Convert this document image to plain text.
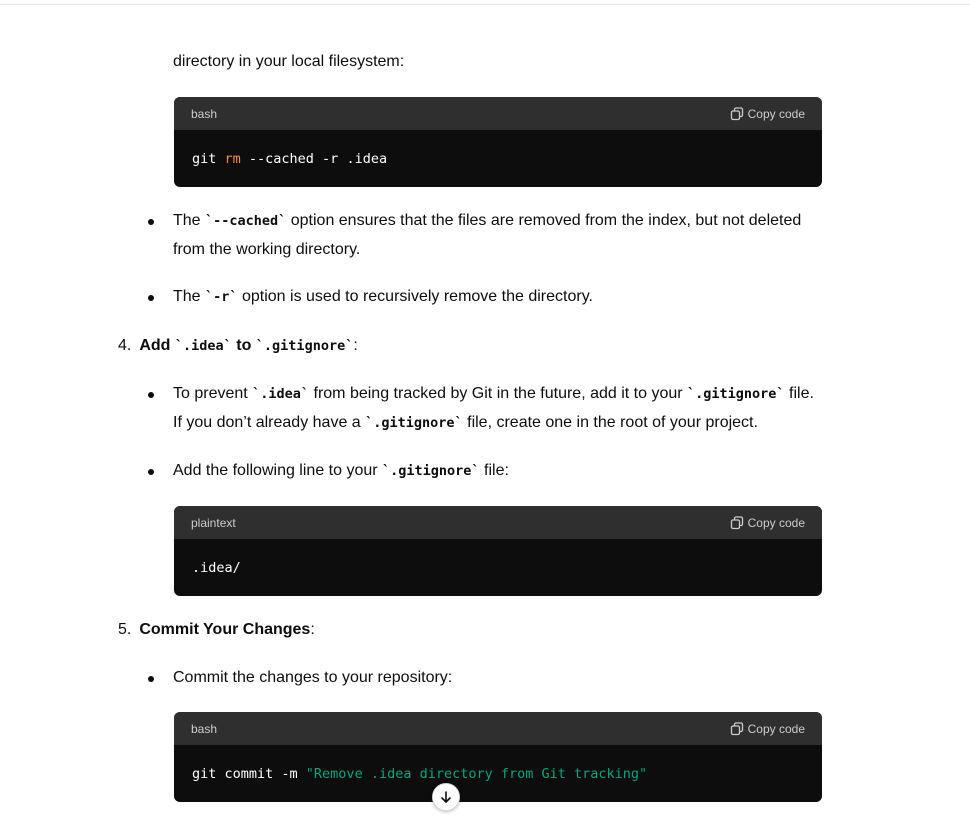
directory in your local filesystem:
bash	Copy code
git rm --cached -r .idea
The `--cached` option ensures that the files are removed from the index, but not deleted
from the working directory.
The `-r` option is used to recursively remove the directory.
4. Add `.idea` to `.gitignore`:
To prevent `.idea` from being tracked by Git in the future, add it to your `.gitignore` file.
If you don’t already have a `.gitignore` file, create one in the root of your project.
Add the following line to your `.gitignore` file:
plaintext	Copy code
.idea/
5. Commit Your Changes:
Commit the changes to your repository:
bash	Copy code
git commit -m "Remove .idea directory from Git tracking"
